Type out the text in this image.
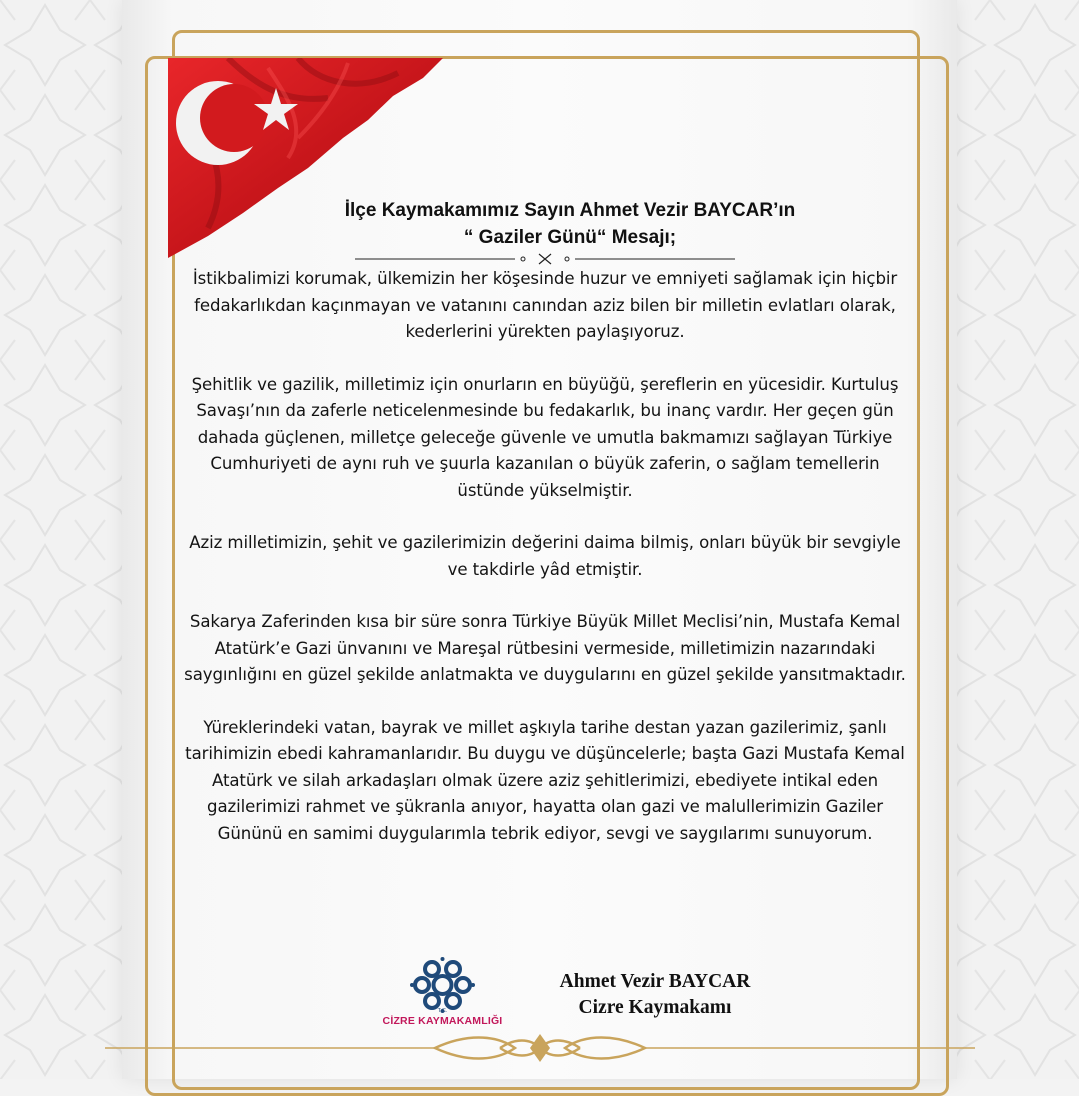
İlçe Kaymakamımız Sayın Ahmet Vezir BAYCAR’ın
“ Gaziler Günü“ Mesajı;

İstikbalimizi korumak, ülkemizin her köşesinde huzur ve emniyeti sağlamak için hiçbir fedakarlıkdan kaçınmayan ve vatanını canından aziz bilen bir milletin evlatları olarak, kederlerini yürekten paylaşıyoruz.

Şehitlik ve gazilik, milletimiz için onurların en büyüğü, şereflerin en yücesidir. Kurtuluş Savaşı’nın da zaferle neticelenmesinde bu fedakarlık, bu inanç vardır. Her geçen gün dahada güçlenen, milletçe geleceğe güvenle ve umutla bakmamızı sağlayan Türkiye Cumhuriyeti de aynı ruh ve şuurla kazanılan o büyük zaferin, o sağlam temellerin üstünde yükselmiştir.

Aziz milletimizin, şehit ve gazilerimizin değerini daima bilmiş, onları büyük bir sevgiyle ve takdirle yâd etmiştir.

Sakarya Zaferinden kısa bir süre sonra Türkiye Büyük Millet Meclisi’nin, Mustafa Kemal Atatürk’e Gazi ünvanını ve Mareşal rütbesini vermeside, milletimizin nazarındaki saygınlığını en güzel şekilde anlatmakta ve duygularını en güzel şekilde yansıtmaktadır.

Yüreklerindeki vatan, bayrak ve millet aşkıyla tarihe destan yazan gazilerimiz, şanlı tarihimizin ebedi kahramanlarıdır. Bu duygu ve düşüncelerle; başta Gazi Mustafa Kemal Atatürk ve silah arkadaşları olmak üzere aziz şehitlerimizi, ebediyete intikal eden gazilerimizi rahmet ve şükranla anıyor, hayatta olan gazi ve malullerimizin Gaziler Gününü en samimi duygularımla tebrik ediyor, sevgi ve saygılarımı sunuyorum.

T.C.
CİZRE KAYMAKAMLIĞI
Ahmet Vezir BAYCAR
Cizre Kaymakamı
